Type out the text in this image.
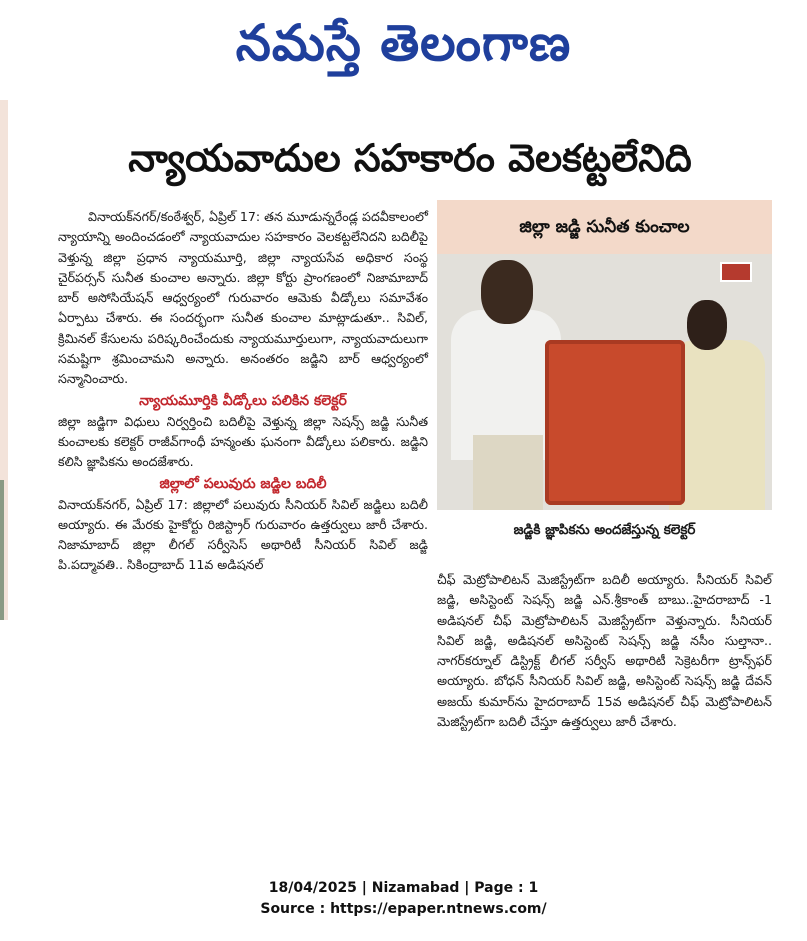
నమస్తే తెలంగాణ
న్యాయవాదుల సహకారం వెలకట్టలేనిది

వినాయక్‌నగర్/కంఠేశ్వర్, ఏప్రిల్ 17: తన మూడున్నరేండ్ల పదవీకాలంలో న్యాయాన్ని అందించడంలో న్యాయవాదుల సహకారం వెలకట్టలేనిదని బదిలీపై వెళ్తున్న జిల్లా ప్రధాన న్యాయమూర్తి, జిల్లా న్యాయసేవ అధికార సంస్థ చైర్‌పర్సన్ సునీత కుంచాల అన్నారు. జిల్లా కోర్టు ప్రాంగణంలో నిజామాబాద్ బార్ అసోసియేషన్ ఆధ్వర్యంలో గురువారం ఆమెకు వీడ్కోలు సమావేశం ఏర్పాటు చేశారు. ఈ సందర్భంగా సునీత కుంచాల మాట్లాడుతూ.. సివిల్, క్రిమినల్ కేసులను పరిష్కరించేందుకు న్యాయమూర్తులుగా, న్యాయవాదులుగా సమష్టిగా శ్రమించామని అన్నారు. అనంతరం జడ్జిని బార్ ఆధ్వర్యంలో సన్మానించారు.

న్యాయమూర్తికి వీడ్కోలు పలికిన కలెక్టర్

జిల్లా జడ్జిగా విధులు నిర్వర్తించి బదిలీపై వెళ్తున్న జిల్లా సెషన్స్ జడ్జి సునీత కుంచాలకు కలెక్టర్ రాజీవ్‌గాంధీ హన్మంతు ఘనంగా వీడ్కోలు పలికారు. జడ్జిని కలిసి జ్ఞాపికను అందజేశారు.

జిల్లాలో పలువురు జడ్జిల బదిలీ

వినాయక్‌నగర్, ఏప్రిల్ 17: జిల్లాలో పలువురు సీనియర్ సివిల్ జడ్జిలు బదిలీ అయ్యారు. ఈ మేరకు హైకోర్టు రిజిస్ట్రార్ గురువారం ఉత్తర్వులు జారీ చేశారు. నిజామాబాద్ జిల్లా లీగల్ సర్వీసెస్ అథారిటీ సీనియర్ సివిల్ జడ్జి పి.పద్మావతి.. సికింద్రాబాద్ 11వ అడిషనల్

జిల్లా జడ్జి సునీత కుంచాల
జడ్జికి జ్ఞాపికను అందజేస్తున్న కలెక్టర్

చీఫ్ మెట్రోపాలిటన్ మెజిస్ట్రేట్‌గా బదిలీ అయ్యారు. సీనియర్ సివిల్ జడ్జి, అసిస్టెంట్ సెషన్స్ జడ్జి ఎన్.శ్రీకాంత్ బాబు..హైదరాబాద్ -1 అడిషనల్ చీఫ్ మెట్రోపాలిటన్ మెజిస్ట్రేట్‌గా వెళ్తున్నారు. సీనియర్ సివిల్ జడ్జి, అడిషనల్ అసిస్టెంట్ సెషన్స్ జడ్జి నసీం సుల్తానా.. నాగర్‌కర్నూల్ డిస్ట్రిక్ట్ లీగల్ సర్వీస్ అథారిటీ సెక్రెటరీగా ట్రాన్స్‌ఫర్ అయ్యారు. బోధన్ సీనియర్ సివిల్ జడ్జి, అసిస్టెంట్ సెషన్స్ జడ్జి దేవన్ అజయ్ కుమార్‌ను హైదరాబాద్ 15వ అడిషనల్ చీఫ్ మెట్రోపాలిటన్ మెజిస్ట్రేట్‌గా బదిలీ చేస్తూ ఉత్తర్వులు జారీ చేశారు.

18/04/2025 | Nizamabad | Page : 1
Source : https://epaper.ntnews.com/
